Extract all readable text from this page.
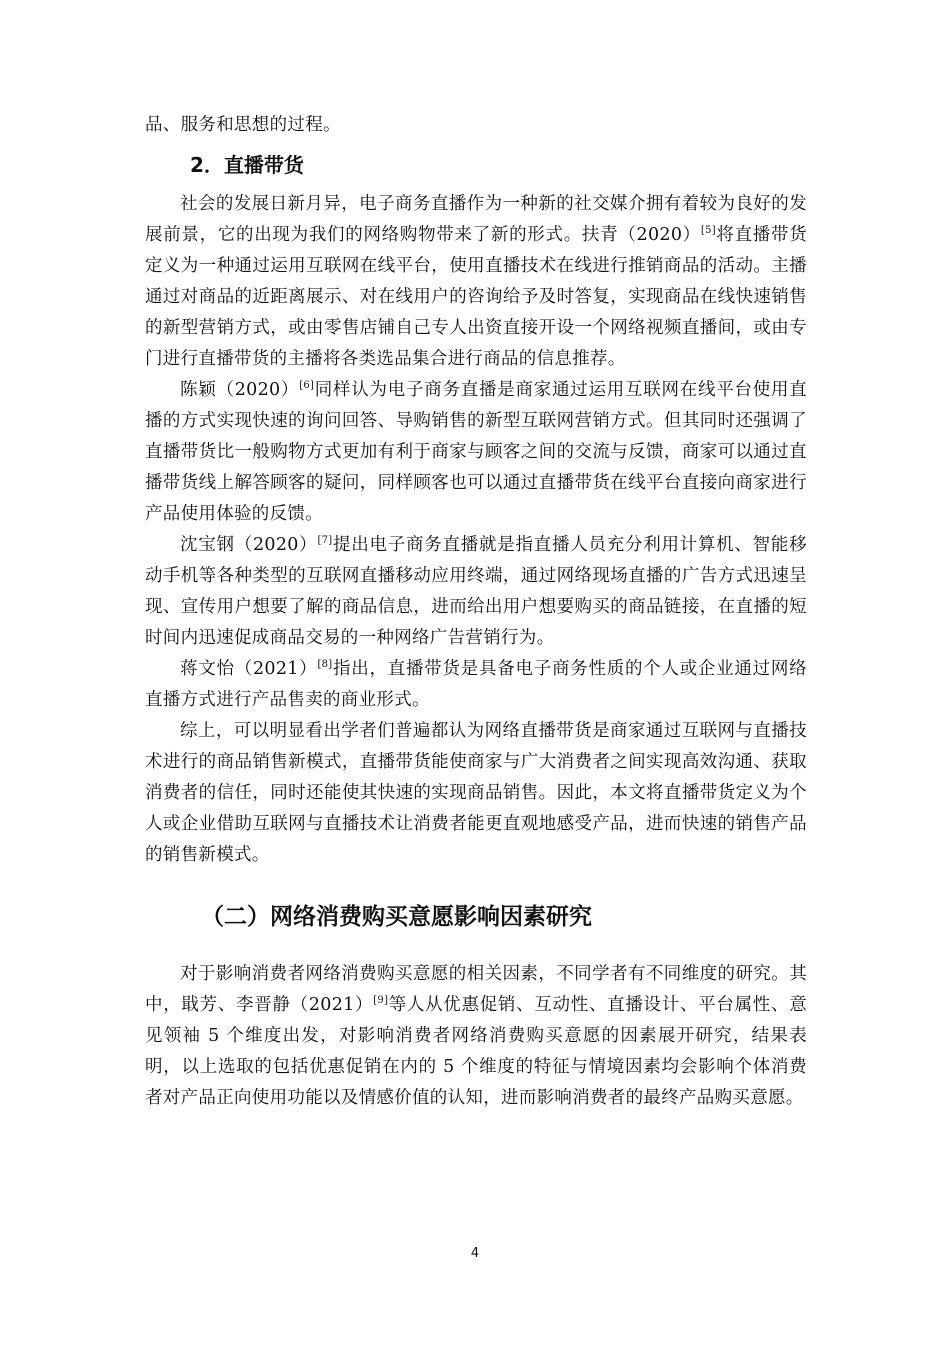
品、服务和思想的过程。

2．直播带货

社会的发展日新月异，电子商务直播作为一种新的社交媒介拥有着较为良好的发展前景，它的出现为我们的网络购物带来了新的形式。扶青（2020）[5]将直播带货定义为一种通过运用互联网在线平台，使用直播技术在线进行推销商品的活动。主播通过对商品的近距离展示、对在线用户的咨询给予及时答复，实现商品在线快速销售的新型营销方式，或由零售店铺自己专人出资直接开设一个网络视频直播间，或由专门进行直播带货的主播将各类选品集合进行商品的信息推荐。

陈颖（2020）[6]同样认为电子商务直播是商家通过运用互联网在线平台使用直播的方式实现快速的询问回答、导购销售的新型互联网营销方式。但其同时还强调了直播带货比一般购物方式更加有利于商家与顾客之间的交流与反馈，商家可以通过直播带货线上解答顾客的疑问，同样顾客也可以通过直播带货在线平台直接向商家进行产品使用体验的反馈。

沈宝钢（2020）[7]提出电子商务直播就是指直播人员充分利用计算机、智能移动手机等各种类型的互联网直播移动应用终端，通过网络现场直播的广告方式迅速呈现、宣传用户想要了解的商品信息，进而给出用户想要购买的商品链接，在直播的短时间内迅速促成商品交易的一种网络广告营销行为。

蒋文怡（2021）[8]指出，直播带货是具备电子商务性质的个人或企业通过网络直播方式进行产品售卖的商业形式。

综上，可以明显看出学者们普遍都认为网络直播带货是商家通过互联网与直播技术进行的商品销售新模式，直播带货能使商家与广大消费者之间实现高效沟通、获取消费者的信任，同时还能使其快速的实现商品销售。因此，本文将直播带货定义为个人或企业借助互联网与直播技术让消费者能更直观地感受产品，进而快速的销售产品的销售新模式。

（二）网络消费购买意愿影响因素研究

对于影响消费者网络消费购买意愿的相关因素，不同学者有不同维度的研究。其中，戢芳、李晋静（2021）[9]等人从优惠促销、互动性、直播设计、平台属性、意见领袖 5 个维度出发，对影响消费者网络消费购买意愿的因素展开研究，结果表明，以上选取的包括优惠促销在内的 5 个维度的特征与情境因素均会影响个体消费者对产品正向使用功能以及情感价值的认知，进而影响消费者的最终产品购买意愿。

4
